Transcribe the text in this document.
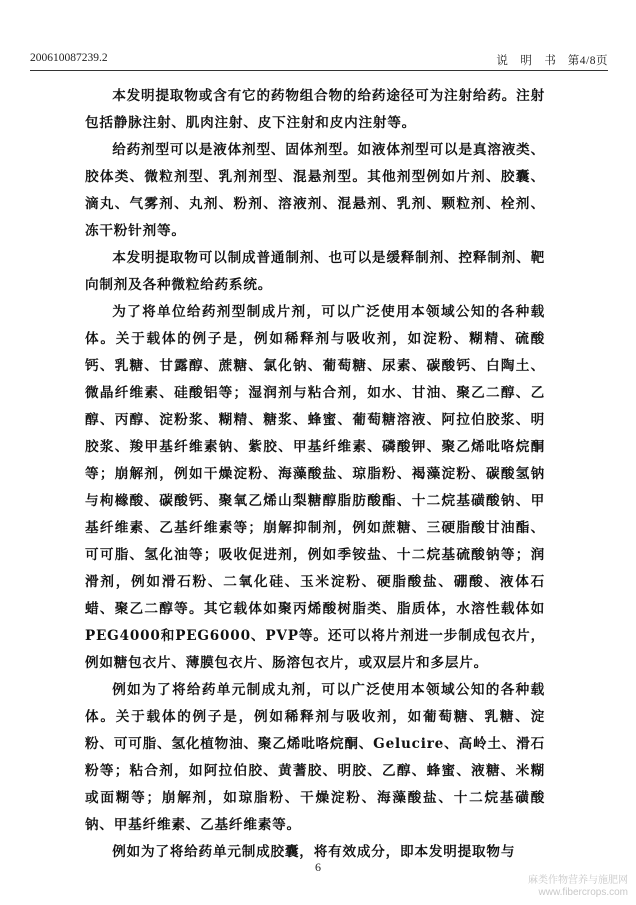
200610087239.2	说　明　书 第4/8页

本发明提取物或含有它的药物组合物的给药途径可为注射给药。注射包括静脉注射、肌肉注射、皮下注射和皮内注射等。

给药剂型可以是液体剂型、固体剂型。如液体剂型可以是真溶液类、胶体类、微粒剂型、乳剂剂型、混悬剂型。其他剂型例如片剂、胶囊、滴丸、气雾剂、丸剂、粉剂、溶液剂、混悬剂、乳剂、颗粒剂、栓剂、冻干粉针剂等。

本发明提取物可以制成普通制剂、也可以是缓释制剂、控释制剂、靶向制剂及各种微粒给药系统。

为了将单位给药剂型制成片剂，可以广泛使用本领域公知的各种载体。关于载体的例子是，例如稀释剂与吸收剂，如淀粉、糊精、硫酸钙、乳糖、甘露醇、蔗糖、氯化钠、葡萄糖、尿素、碳酸钙、白陶土、微晶纤维素、硅酸铝等；湿润剂与粘合剂，如水、甘油、聚乙二醇、乙醇、丙醇、淀粉浆、糊精、糖浆、蜂蜜、葡萄糖溶液、阿拉伯胶浆、明胶浆、羧甲基纤维素钠、紫胶、甲基纤维素、磷酸钾、聚乙烯吡咯烷酮等；崩解剂，例如干燥淀粉、海藻酸盐、琼脂粉、褐藻淀粉、碳酸氢钠与枸橼酸、碳酸钙、聚氧乙烯山梨糖醇脂肪酸酯、十二烷基磺酸钠、甲基纤维素、乙基纤维素等；崩解抑制剂，例如蔗糖、三硬脂酸甘油酯、可可脂、氢化油等；吸收促进剂，例如季铵盐、十二烷基硫酸钠等；润滑剂，例如滑石粉、二氧化硅、玉米淀粉、硬脂酸盐、硼酸、液体石蜡、聚乙二醇等。其它载体如聚丙烯酸树脂类、脂质体，水溶性载体如PEG4000和PEG6000、PVP等。还可以将片剂进一步制成包衣片，例如糖包衣片、薄膜包衣片、肠溶包衣片，或双层片和多层片。

例如为了将给药单元制成丸剂，可以广泛使用本领域公知的各种载体。关于载体的例子是，例如稀释剂与吸收剂，如葡萄糖、乳糖、淀粉、可可脂、氢化植物油、聚乙烯吡咯烷酮、Gelucire、高岭土、滑石粉等；粘合剂，如阿拉伯胶、黄蓍胶、明胶、乙醇、蜂蜜、液糖、米糊或面糊等；崩解剂，如琼脂粉、干燥淀粉、海藻酸盐、十二烷基磺酸钠、甲基纤维素、乙基纤维素等。

例如为了将给药单元制成胶囊，将有效成分，即本发明提取物与

6
麻类作物营养与施肥网
www.fibercrops.com
